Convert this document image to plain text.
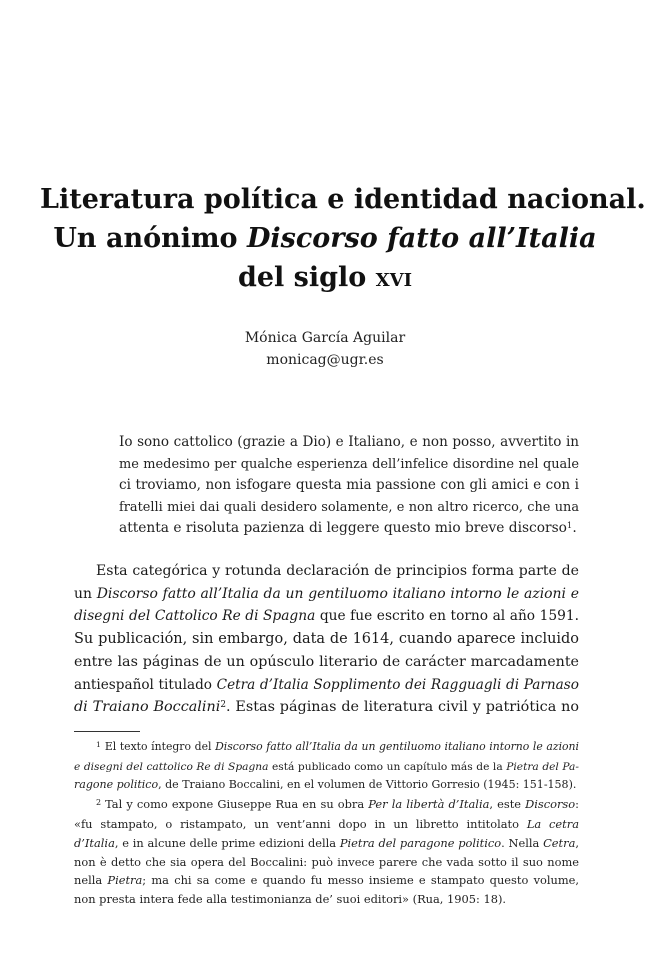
Literatura política e identidad nacional.
Un anónimo Discorso fatto all’Italia
del siglo xvi
Mónica García Aguilar
monicag@ugr.es
Io sono cattolico (grazie a Dio) e Italiano, e non posso, avvertito in
me medesimo per qualche esperienza dell’infelice disordine nel quale
ci troviamo, non isfogare questa mia passione con gli amici e con i
fratelli miei dai quali desidero solamente, e non altro ricerco, che una
attenta e risoluta pazienza di leggere questo mio breve discorso$^1$.
Esta categórica y rotunda declaración de principios forma parte de
un Discorso fatto all’Italia da un gentiluomo italiano intorno le azioni e
disegni del Cattolico Re di Spagna que fue escrito en torno al año 1591.
Su publicación, sin embargo, data de 1614, cuando aparece incluido
entre las páginas de un opúsculo literario de carácter marcadamente
antiespañol titulado Cetra d’Italia Sopplimento dei Ragguagli di Parnaso
di Traiano Boccalini$^2$. Estas páginas de literatura civil y patriótica no
$^1$ El texto íntegro del Discorso fatto all’Italia da un gentiluomo italiano intorno le azioni
e disegni del cattolico Re di Spagna está publicado como un capítulo más de la Pietra del Pa-
ragone politico, de Traiano Boccalini, en el volumen de Vittorio Gorresio (1945: 151-158).
$^2$ Tal y como expone Giuseppe Rua en su obra Per la libertà d’Italia, este Discorso:
«fu stampato, o ristampato, un vent’anni dopo in un libretto intitolato La cetra
d’Italia, e in alcune delle prime edizioni della Pietra del paragone politico. Nella Cetra,
non è detto che sia opera del Boccalini: può invece parere che vada sotto il suo nome
nella Pietra; ma chi sa come e quando fu messo insieme e stampato questo volume,
non presta intera fede alla testimonianza de’ suoi editori» (Rua, 1905: 18).
